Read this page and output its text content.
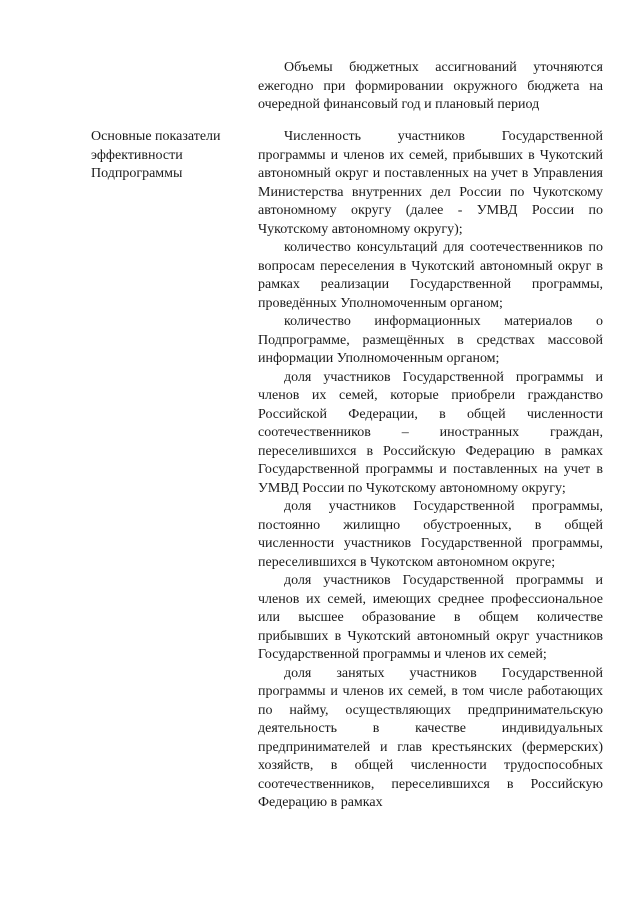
Объемы бюджетных ассигнований уточняются ежегодно при формировании окружного бюджета на очередной финансовый год и плановый период

Основные показатели эффективности Подпрограммы

Численность участников Государственной программы и членов их семей, прибывших в Чукотский автономный округ и поставленных на учет в Управления Министерства внутренних дел России по Чукотскому автономному округу (далее - УМВД России по Чукотскому автономному округу);

количество консультаций для соотечественников по вопросам переселения в Чукотский автономный округ в рамках реализации Государственной программы, проведённых Уполномоченным органом;

количество информационных материалов о Подпрограмме, размещённых в средствах массовой информации Уполномоченным органом;

доля участников Государственной программы и членов их семей, которые приобрели гражданство Российской Федерации, в общей численности соотечественников – иностранных граждан, переселившихся в Российскую Федерацию в рамках Государственной программы и поставленных на учет в УМВД России по Чукотскому автономному округу;

доля участников Государственной программы, постоянно жилищно обустроенных, в общей численности участников Государственной программы, переселившихся в Чукотском автономном округе;

доля участников Государственной программы и членов их семей, имеющих среднее профессиональное или высшее образование в общем количестве прибывших в Чукотский автономный округ участников Государственной программы и членов их семей;

доля занятых участников Государственной программы и членов их семей, в том числе работающих по найму, осуществляющих предпринимательскую деятельность в качестве индивидуальных предпринимателей и глав крестьянских (фермерских) хозяйств, в общей численности трудоспособных соотечественников, переселившихся в Российскую Федерацию в рамках
